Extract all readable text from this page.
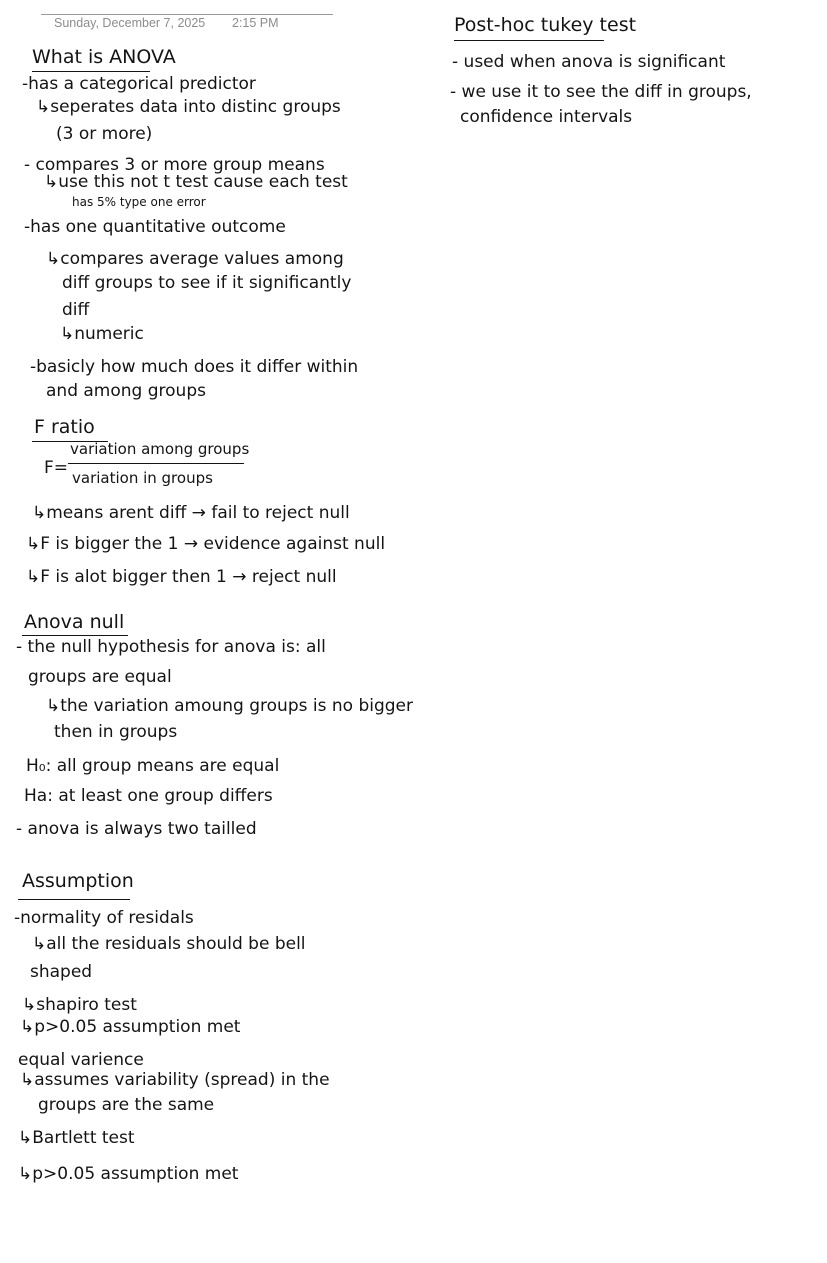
Sunday, December 7, 2025 2:15 PM
What is ANOVA
-has a categorical predictor
↳seperates data into distinc groups
(3 or more)
- compares 3 or more group means
↳use this not t test cause each test
has 5% type one error
-has one quantitative outcome
↳compares average values among
diff groups to see if it significantly
diff
↳numeric
-basicly how much does it differ within
and among groups
F ratio
F=
variation among groups
variation in groups
↳means arent diff → fail to reject null
↳F is bigger the 1 → evidence against null
↳F is alot bigger then 1 → reject null
Anova null
- the null hypothesis for anova is: all
groups are equal
↳the variation amoung groups is no bigger
then in groups
H₀: all group means are equal
Ha: at least one group differs
- anova is always two tailled
Assumption
-normality of residals
↳all the residuals should be bell
shaped
↳shapiro test
↳p>0.05 assumption met
equal varience
↳assumes variability (spread) in the
groups are the same
↳Bartlett test
↳p>0.05 assumption met
Post-hoc tukey test
- used when anova is significant
- we use it to see the diff in groups,
confidence intervals
